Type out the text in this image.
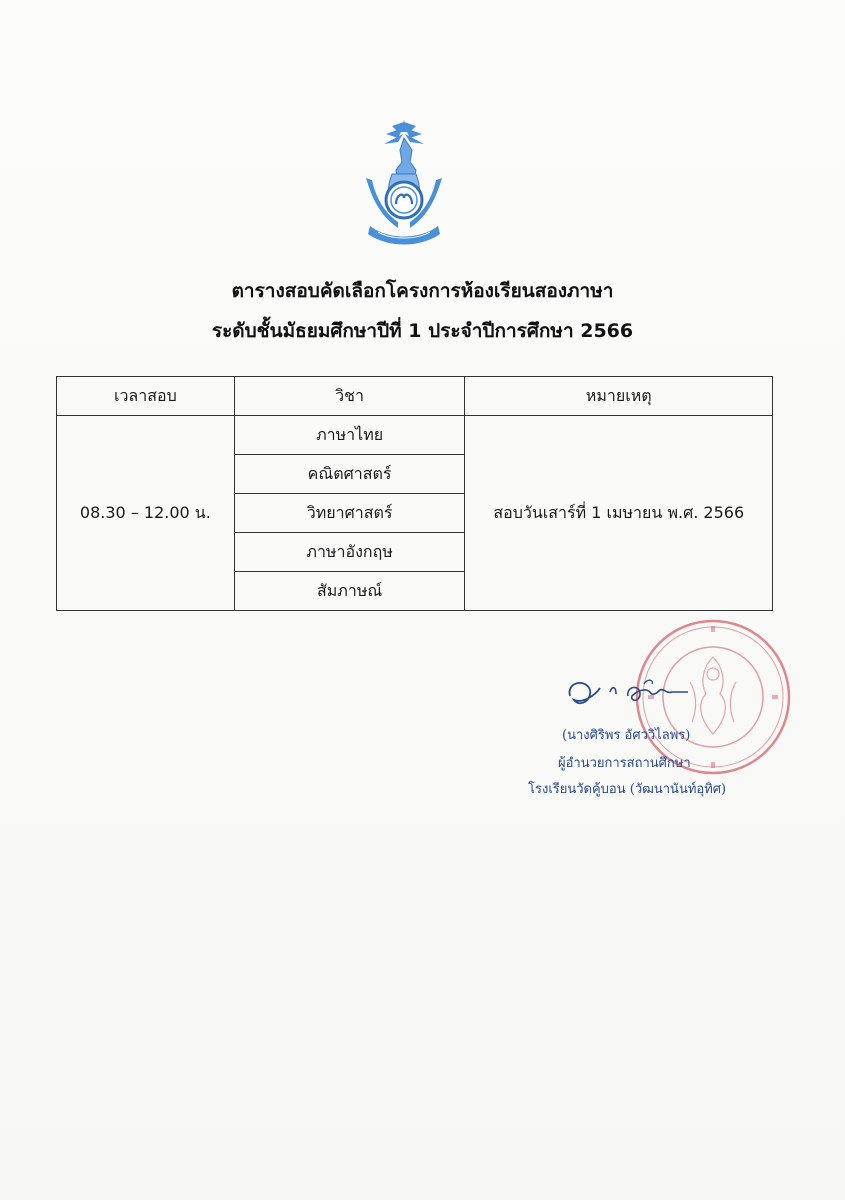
ตารางสอบคัดเลือกโครงการห้องเรียนสองภาษา
ระดับชั้นมัธยมศึกษาปีที่ 1 ประจำปีการศึกษา 2566
เวลาสอบ	วิชา	หมายเหตุ
08.30 – 12.00 น.	ภาษาไทย	สอบวันเสาร์ที่ 1 เมษายน พ.ศ. 2566
	คณิตศาสตร์	
	วิทยาศาสตร์	
	ภาษาอังกฤษ	
	สัมภาษณ์	
(นางศิริพร อัศววิไลพร)
ผู้อำนวยการสถานศึกษา
โรงเรียนวัดคู้บอน (วัฒนานันท์อุทิศ)
